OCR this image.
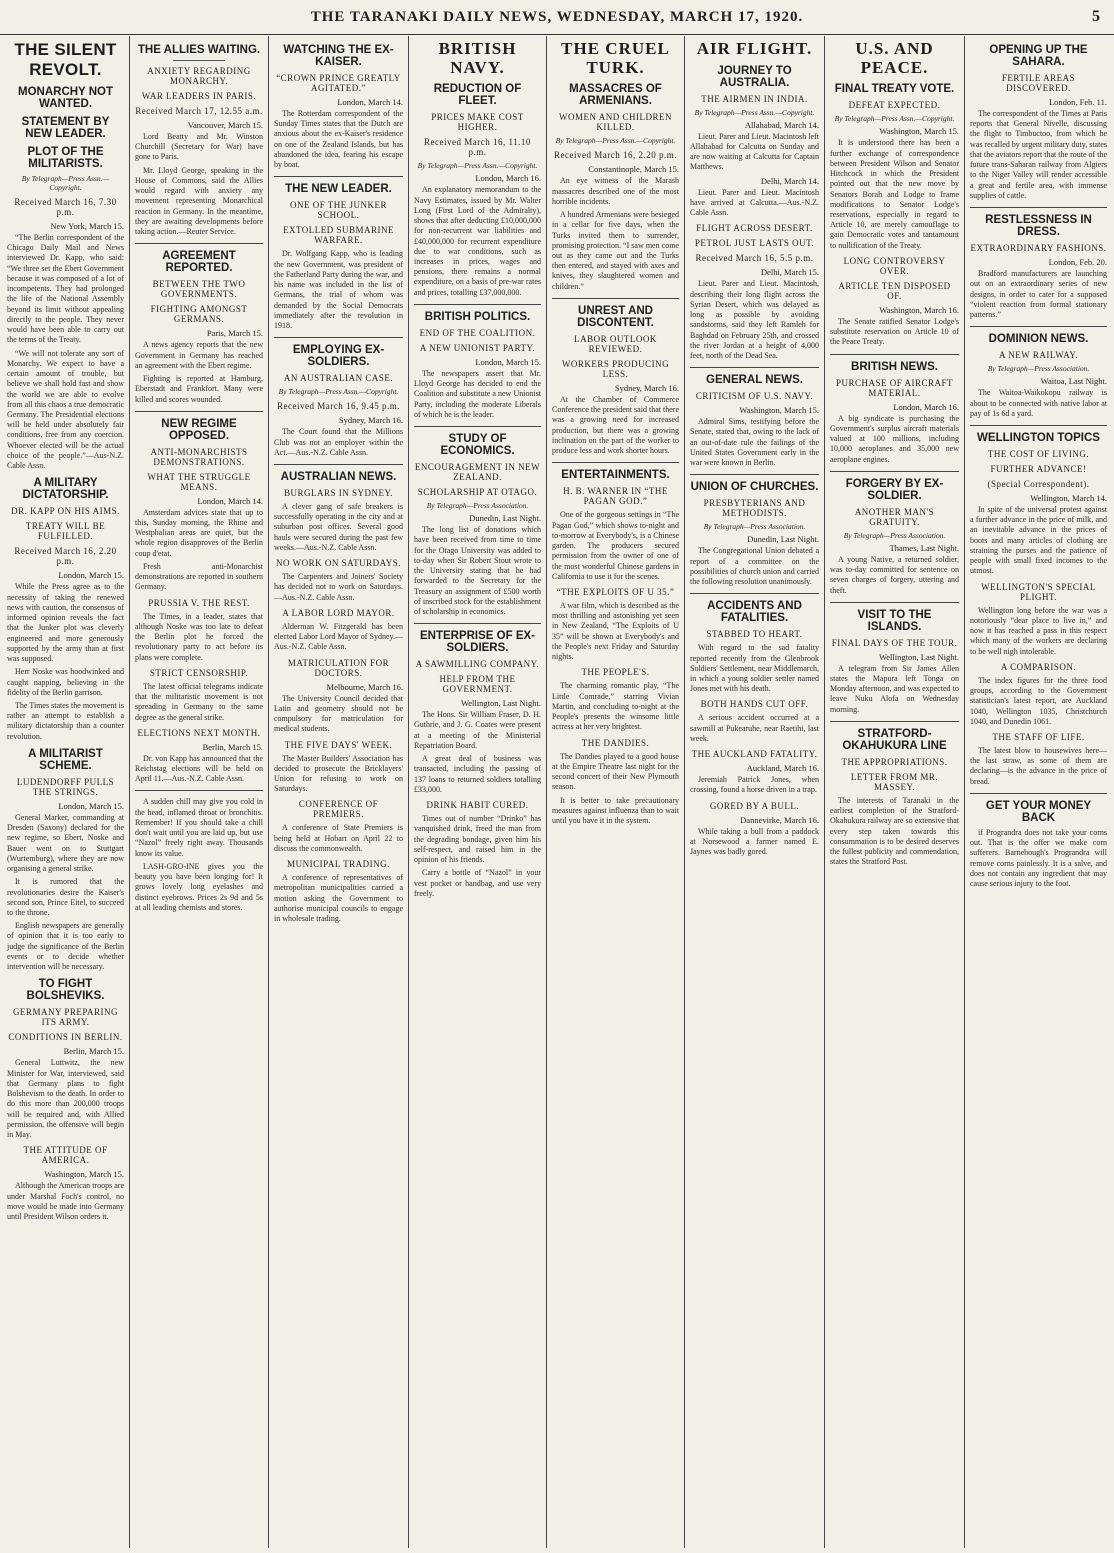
THE TARANAKI DAILY NEWS, WEDNESDAY, MARCH 17, 1920.	5
THE SILENT REVOLT.
MONARCHY NOT WANTED.
STATEMENT BY NEW LEADER.
PLOT OF THE MILITARISTS.
By Telegraph—Press Assn.—Copyright.
Received March 16, 7.30 p.m.
New York, March 15.

“The Berlin correspondent of the Chicago Daily Mail and News interviewed Dr. Kapp, who said: “We three set the Ebert Government because it was composed of a lot of incompetents. They had prolonged the life of the National Assembly beyond its limit without appealing directly to the people. They never would have been able to carry out the terms of the Treaty.

“We will not tolerate any sort of Monarchy. We expect to have a certain amount of trouble, but believe we shall hold fast and show the world we are able to evolve from all this chaos a true democratic Germany. The Presidential elections will be held under absolutely fair conditions, free from any coercion. Whoever elected will be the actual choice of the people.”—Aus-N.Z. Cable Assn.

A MILITARY DICTATORSHIP.
DR. KAPP ON HIS AIMS.
TREATY WILL BE FULFILLED.
Received March 16, 2.20 p.m.
London, March 15.

While the Press agree as to the necessity of taking the renewed news with caution, the consensus of informed opinion reveals the fact that the Junker plot was cleverly engineered and more generously supported by the army than at first was supposed.

Herr Noske was hoodwinked and caught napping, believing in the fidelity of the Berlin garrison.

The Times states the movement is rather an attempt to establish a military dictatorship than a counter revolution.

A MILITARIST SCHEME.
LUDENDORFF PULLS THE STRINGS.
London, March 15.

General Marker, commanding at Dresden (Saxony) declared for the new regime, so Ebert, Noske and Bauer went on to Stuttgart (Wurtemburg), where they are now organising a general strike.

It is rumored that the revolutionaries desire the Kaiser's second son, Prince Eitel, to succeed to the throne.

English newspapers are generally of opinion that it is too early to judge the significance of the Berlin events or to decide whether intervention will be necessary.

TO FIGHT BOLSHEVIKS.
GERMANY PREPARING ITS ARMY.
CONDITIONS IN BERLIN.
Berlin, March 15.

General Luttwitz, the new Minister for War, interviewed, said that Germany plans to fight Bolshevism to the death. In order to do this more than 200,000 troops will be required and, with Allied permission, the offensive will begin in May.

THE ATTITUDE OF AMERICA.
Washington, March 15.

Although the American troops are under Marshal Foch's control, no move would be made into Germany until President Wilson orders it.

THE ALLIES WAITING.
ANXIETY REGARDING MONARCHY.
WAR LEADERS IN PARIS.
Received March 17, 12.55 a.m.
Vancouver, March 15.

Lord Beatty and Mr. Winston Churchill (Secretary for War) have gone to Paris.

Mr. Lloyd George, speaking in the House of Commons, said the Allies would regard with anxiety any movement representing Monarchical reaction in Germany. In the meantime, they are awaiting developments before taking action.—Reuter Service.

AGREEMENT REPORTED.
BETWEEN THE TWO GOVERNMENTS.
FIGHTING AMONGST GERMANS.
Paris, March 15.

A news agency reports that the new Government in Germany has reached an agreement with the Ebert regime.

Fighting is reported at Hamburg, Eberstadt and Frankfort. Many were killed and scores wounded.

NEW REGIME OPPOSED.
ANTI-MONARCHISTS DEMONSTRATIONS.
WHAT THE STRUGGLE MEANS.
London, March 14.

Amsterdam advices state that up to this, Sunday morning, the Rhine and Westphalian areas are quiet, but the whole region disapproves of the Berlin coup d'etat.

Fresh anti-Monarchist demonstrations are reported in southern Germany.

PRUSSIA V. THE REST.

The Times, in a leader, states that although Noske was too late to defeat the Berlin plot he forced the revolutionary party to act before its plans were complete.

STRICT CENSORSHIP.

The latest official telegrams indicate that the militaristic movement is not spreading in Germany to the same degree as the general strike.

ELECTIONS NEXT MONTH.
Berlin, March 15.

Dr. von Kapp has announced that the Reichstag elections will be held on April 11.—Aus.-N.Z. Cable Assn.

A sudden chill may give you cold in the head, inflamed throat or bronchitis. Remember! If you should take a chill don't wait until you are laid up, but use “Nazol” freely right away. Thousands know its value.

LASH-GRO-INE gives you the beauty you have been longing for! It grows lovely long eyelashes and distinct eyebrows. Prices 2s 9d and 5s at all leading chemists and stores.

WATCHING THE EX-KAISER.
“CROWN PRINCE GREATLY AGITATED.”
London, March 14.

The Rotterdam correspondent of the Sunday Times states that the Dutch are anxious about the ex-Kaiser's residence on one of the Zealand Islands, but has abandoned the idea, fearing his escape by boat.

THE NEW LEADER.
ONE OF THE JUNKER SCHOOL.
EXTOLLED SUBMARINE WARFARE.

Dr. Wolfgang Kapp, who is leading the new Government, was president of the Fatherland Party during the war, and his name was included in the list of Germans, the trial of whom was demanded by the Social Democrats immediately after the revolution in 1918.

EMPLOYING EX-SOLDIERS.
AN AUSTRALIAN CASE.
By Telegraph—Press Assn.—Copyright.
Received March 16, 9.45 p.m.
Sydney, March 16.

The Court found that the Millions Club was not an employer within the Act.—Aus.-N.Z. Cable Assn.

AUSTRALIAN NEWS.
BURGLARS IN SYDNEY.

A clever gang of safe breakers is successfully operating in the city and at suburban post offices. Several good hauls were secured during the past few weeks.—Aus.-N.Z. Cable Assn.

NO WORK ON SATURDAYS.

The Carpenters and Joiners' Society has decided not to work on Saturdays.—Aus.-N.Z. Cable Assn.

A LABOR LORD MAYOR.

Alderman W. Fitzgerald has been elected Labor Lord Mayor of Sydney.—Aus.-N.Z. Cable Assn.

MATRICULATION FOR DOCTORS.
Melbourne, March 16.

The University Council decided that Latin and geometry should not be compulsory for matriculation for medical students.

THE FIVE DAYS' WEEK.

The Master Builders' Association has decided to prosecute the Bricklayers' Union for refusing to work on Saturdays.

CONFERENCE OF PREMIERS.

A conference of State Premiers is being held at Hobart on April 22 to discuss the commonwealth.

MUNICIPAL TRADING.

A conference of representatives of metropolitan municipalities carried a motion asking the Government to authorise municipal councils to engage in wholesale trading.

BRITISH NAVY.
REDUCTION OF FLEET.
PRICES MAKE COST HIGHER.
Received March 16, 11.10 p.m.
By Telegraph—Press Assn.—Copyright.
London, March 16.

An explanatory memorandum to the Navy Estimates, issued by Mr. Walter Long (First Lord of the Admiralty), shows that after deducting £10,000,000 for non-recurrent war liabilities and £40,000,000 for recurrent expenditure due to war conditions, such as increases in prices, wages and pensions, there remains a normal expenditure, on a basis of pre-war rates and prices, totalling £37,000,000.

BRITISH POLITICS.
END OF THE COALITION.
A NEW UNIONIST PARTY.
London, March 15.

The newspapers assert that Mr. Lloyd George has decided to end the Coalition and substitute a new Unionist Party, including the moderate Liberals of which he is the leader.

STUDY OF ECONOMICS.
ENCOURAGEMENT IN NEW ZEALAND.
SCHOLARSHIP AT OTAGO.
By Telegraph—Press Association.
Dunedin, Last Night.

The long list of donations which have been received from time to time for the Otago University was added to to-day when Sir Robert Stout wrote to the University stating that he had forwarded to the Secretary for the Treasury an assignment of £500 worth of inscribed stock for the establishment of scholarship in economics.

ENTERPRISE OF EX-SOLDIERS.
A SAWMILLING COMPANY.
HELP FROM THE GOVERNMENT.
Wellington, Last Night.

The Hons. Sir William Fraser, D. H. Guthrie, and J. G. Coates were present at a meeting of the Ministerial Repatriation Board.

A great deal of business was transacted, including the passing of 137 loans to returned soldiers totalling £33,000.

DRINK HABIT CURED.

Times out of number “Drinko” has vanquished drink, freed the man from the degrading bondage, given him his self-respect, and raised him in the opinion of his friends.

Carry a bottle of “Nazol” in your vest pocket or handbag, and use very freely.

THE CRUEL TURK.
MASSACRES OF ARMENIANS.
WOMEN AND CHILDREN KILLED.
By Telegraph—Press Assn.—Copyright.
Received March 16, 2.20 p.m.
Constantinople, March 15.

An eye witness of the Marash massacres described one of the most horrible incidents.

A hundred Armenians were besieged in a cellar for five days, when the Turks invited them to surrender, promising protection. “I saw men come out as they came out and the Turks then entered, and stayed with axes and knives, they slaughtered women and children.”

UNREST AND DISCONTENT.
LABOR OUTLOOK REVIEWED.
WORKERS PRODUCING LESS.
Sydney, March 16.

At the Chamber of Commerce Conference the president said that there was a growing need for increased production, but there was a growing inclination on the part of the worker to produce less and work shorter hours.

ENTERTAINMENTS.
H. B. WARNER IN “THE PAGAN GOD.”

One of the gorgeous settings in “The Pagan God,” which shows to-night and to-morrow at Everybody's, is a Chinese garden. The producers secured permission from the owner of one of the most wonderful Chinese gardens in California to use it for the scenes.

“THE EXPLOITS OF U 35.”

A war film, which is described as the most thrilling and astonishing yet seen in New Zealand, “The Exploits of U 35” will be shown at Everybody's and the People's next Friday and Saturday nights.

THE PEOPLE'S.

The charming romantic play, “The Little Comrade,” starring Vivian Martin, and concluding to-night at the People's presents the winsome little actress at her very brightest.

THE DANDIES.

The Dandies played to a good house at the Empire Theatre last night for the second concert of their New Plymouth season.

It is better to take precautionary measures against influenza than to wait until you have it in the system.

AIR FLIGHT.
JOURNEY TO AUSTRALIA.
THE AIRMEN IN INDIA.
By Telegraph—Press Assn.—Copyright.
Allahabad, March 14.

Lieut. Parer and Lieut. Macintosh left Allahabad for Calcutta on Sunday and are now waiting at Calcutta for Captain Matthews.

Delhi, March 14.

Lieut. Parer and Lieut. Macintosh have arrived at Calcutta.—Aus.-N.Z. Cable Assn.

FLIGHT ACROSS DESERT.
PETROL JUST LASTS OUT.
Received March 16, 5.5 p.m.
Delhi, March 15.

Lieut. Parer and Lieut. Macintosh, describing their long flight across the Syrian Desert, which was delayed as long as possible by avoiding sandstorms, said they left Ramleh for Baghdad on February 25th, and crossed the river Jordan at a height of 4,000 feet, north of the Dead Sea.

GENERAL NEWS.
CRITICISM OF U.S. NAVY.
Washington, March 15.

Admiral Sims, testifying before the Senate, stated that, owing to the lack of an out-of-date rule the failings of the United States Government early in the war were known in Berlin.

UNION OF CHURCHES.
PRESBYTERIANS AND METHODISTS.
By Telegraph—Press Association.
Dunedin, Last Night.

The Congregational Union debated a report of a committee on the possibilities of church union and carried the following resolution unanimously.

ACCIDENTS AND FATALITIES.
STABBED TO HEART.

With regard to the sad fatality reported recently from the Glenbrook Soldiers' Settlement, near Middlemarch, in which a young soldier settler named Jones met with his death.

BOTH HANDS CUT OFF.

A serious accident occurred at a sawmill at Pukearuhe, near Raetihi, last week.

THE AUCKLAND FATALITY.
Auckland, March 16.

Jeremiah Patrick Jones, when crossing, found a horse driven in a trap.

GORED BY A BULL.
Dannevirke, March 16.

While taking a bull from a paddock at Norsewood a farmer named E. Jaynes was badly gored.

U.S. AND PEACE.
FINAL TREATY VOTE.
DEFEAT EXPECTED.
By Telegraph—Press Assn.—Copyright.
Washington, March 15.

It is understood there has been a further exchange of correspondence between President Wilson and Senator Hitchcock in which the President pointed out that the new move by Senators Borah and Lodge to frame modifications to Senator Lodge's reservations, especially in regard to Article 10, are merely camouflage to gain Democratic votes and tantamount to nullification of the Treaty.

LONG CONTROVERSY OVER.
ARTICLE TEN DISPOSED OF.
Washington, March 16.

The Senate ratified Senator Lodge's substitute reservation on Article 10 of the Peace Treaty.

BRITISH NEWS.
PURCHASE OF AIRCRAFT MATERIAL.
London, March 16.

A big syndicate is purchasing the Government's surplus aircraft materials valued at 100 millions, including 10,000 aeroplanes and 35,000 new aeroplane engines.

FORGERY BY EX-SOLDIER.
ANOTHER MAN'S GRATUITY.
By Telegraph—Press Association.
Thames, Last Night.

A young Native, a returned soldier, was to-day committed for sentence on seven charges of forgery, uttering and theft.

VISIT TO THE ISLANDS.
FINAL DAYS OF THE TOUR.
Wellington, Last Night.

A telegram from Sir James Allen states the Mapura left Tonga on Monday afternoon, and was expected to leave Nuku Alofa on Wednesday morning.

STRATFORD-OKAHUKURA LINE
THE APPROPRIATIONS.
LETTER FROM MR. MASSEY.

The interests of Taranaki in the earliest completion of the Stratford-Okahukura railway are so extensive that every step taken towards this consummation is to be desired deserves the fullest publicity and commendation, states the Stratford Post.

OPENING UP THE SAHARA.
FERTILE AREAS DISCOVERED.
London, Feb. 11.

The correspondent of the Times at Paris reports that General Nivelle, discussing the flight to Timbuctoo, from which he was recalled by urgent military duty, states that the aviators report that the route of the future trans-Saharan railway from Algiers to the Niger Valley will render accessible a great and fertile area, with immense supplies of cattle.

RESTLESSNESS IN DRESS.
EXTRAORDINARY FASHIONS.
London, Feb. 20.

Bradford manufacturers are launching out on an extraordinary series of new designs, in order to cater for a supposed “violent reaction from formal stationary patterns.”

DOMINION NEWS.
A NEW RAILWAY.
By Telegraph—Press Association.
Waitoa, Last Night.

The Waitoa-Waikokopu railway is about to be connected with native labor at pay of 1s 6d a yard.

WELLINGTON TOPICS
THE COST OF LIVING.
FURTHER ADVANCE!
(Special Correspondent).
Wellington, March 14.

In spite of the universal protest against a further advance in the price of milk, and an inevitable advance in the prices of boots and many articles of clothing are straining the purses and the patience of people with small fixed incomes to the utmost.

WELLINGTON'S SPECIAL PLIGHT.

Wellington long before the war was a notoriously “dear place to live in,” and now it has reached a pass in this respect which many of the workers are declaring to be well nigh intolerable.

A COMPARISON.

The index figures for the three food groups, according to the Government statistician's latest report, are Auckland 1040, Wellington 1035, Christchurch 1040, and Dunedin 1061.

THE STAFF OF LIFE.

The latest blow to housewives here—the last straw, as some of them are declaring—is the advance in the price of bread.

GET YOUR MONEY BACK

if Prograndra does not take your corns out. That is the offer we make corn sufferers. Barnebough's Prograndra will remove corns painlessly. It is a salve, and does not contain any ingredient that may cause serious injury to the foot.
